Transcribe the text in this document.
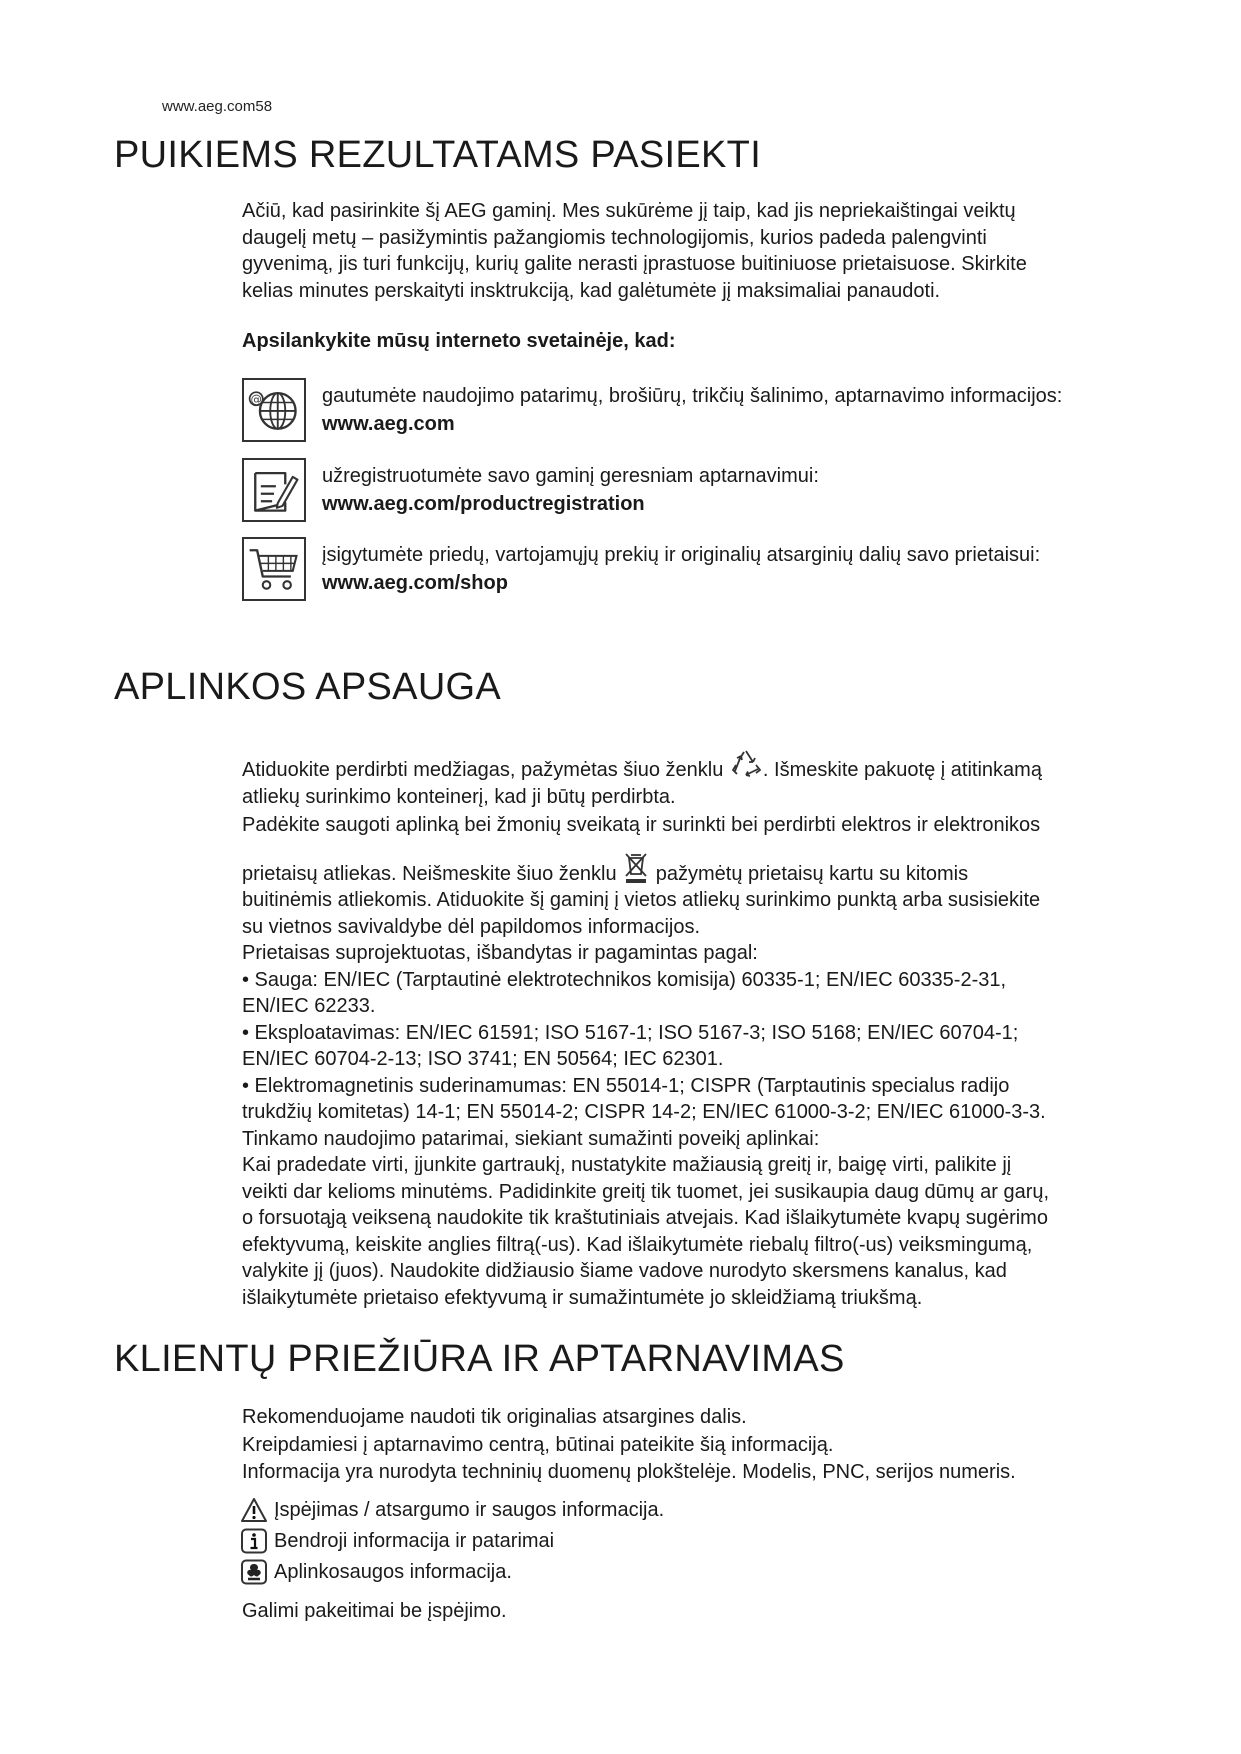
www.aeg.com58
PUIKIEMS REZULTATAMS PASIEKTI

Ačiū, kad pasirinkite šį AEG gaminį. Mes sukūrėme jį taip, kad jis nepriekaištingai veiktų

daugelį metų – pasižymintis pažangiomis technologijomis, kurios padeda palengvinti

gyvenimą, jis turi funkcijų, kurių galite nerasti įprastuose buitiniuose prietaisuose. Skirkite

kelias minutes perskaityti insktrukciją, kad galėtumėte jį maksimaliai panaudoti.

Apsilankykite mūsų interneto svetainėje, kad:

@	gautumėte naudojimo patarimų, brošiūrų, trikčių šalinimo, aptarnavimo informacijos:
www.aeg.com
užregistruotumėte savo gaminį geresniam aptarnavimui:
www.aeg.com/productregistration
įsigytumėte priedų, vartojamųjų prekių ir originalių atsarginių dalių savo prietaisui:
www.aeg.com/shop
APLINKOS APSAUGA

Atiduokite perdirbti medžiagas, pažymėtas šiuo ženklu . Išmeskite pakuotę į atitinkamą

atliekų surinkimo konteinerį, kad ji būtų perdirbta.

Padėkite saugoti aplinką bei žmonių sveikatą ir surinkti bei perdirbti elektros ir elektronikos

prietaisų atliekas. Neišmeskite šiuo ženklu pažymėtų prietaisų kartu su kitomis

buitinėmis atliekomis. Atiduokite šį gaminį į vietos atliekų surinkimo punktą arba susisiekite

su vietnos savivaldybe dėl papildomos informacijos.

Prietaisas suprojektuotas, išbandytas ir pagamintas pagal:

• Sauga: EN/IEC (Tarptautinė elektrotechnikos komisija) 60335-1; EN/IEC 60335-2-31,

EN/IEC 62233.

• Eksploatavimas: EN/IEC 61591; ISO 5167-1; ISO 5167-3; ISO 5168; EN/IEC 60704-1;

EN/IEC 60704-2-13; ISO 3741; EN 50564; IEC 62301.

• Elektromagnetinis suderinamumas: EN 55014-1; CISPR (Tarptautinis specialus radijo

trukdžių komitetas) 14-1; EN 55014-2; CISPR 14-2; EN/IEC 61000-3-2; EN/IEC 61000-3-3.

Tinkamo naudojimo patarimai, siekiant sumažinti poveikį aplinkai:

Kai pradedate virti, įjunkite gartraukį, nustatykite mažiausią greitį ir, baigę virti, palikite jį

veikti dar kelioms minutėms. Padidinkite greitį tik tuomet, jei susikaupia daug dūmų ar garų,

o forsuotąją veikseną naudokite tik kraštutiniais atvejais. Kad išlaikytumėte kvapų sugėrimo

efektyvumą, keiskite anglies filtrą(-us). Kad išlaikytumėte riebalų filtro(-us) veiksmingumą,

valykite jį (juos). Naudokite didžiausio šiame vadove nurodyto skersmens kanalus, kad

išlaikytumėte prietaiso efektyvumą ir sumažintumėte jo skleidžiamą triukšmą.

KLIENTŲ PRIEŽIŪRA IR APTARNAVIMAS

Rekomenduojame naudoti tik originalias atsargines dalis.

Kreipdamiesi į aptarnavimo centrą, būtinai pateikite šią informaciją.

Informacija yra nurodyta techninių duomenų plokštelėje. Modelis, PNC, serijos numeris.

Įspėjimas / atsargumo ir saugos informacija.
Bendroji informacija ir patarimai
Aplinkosaugos informacija.

Galimi pakeitimai be įspėjimo.
